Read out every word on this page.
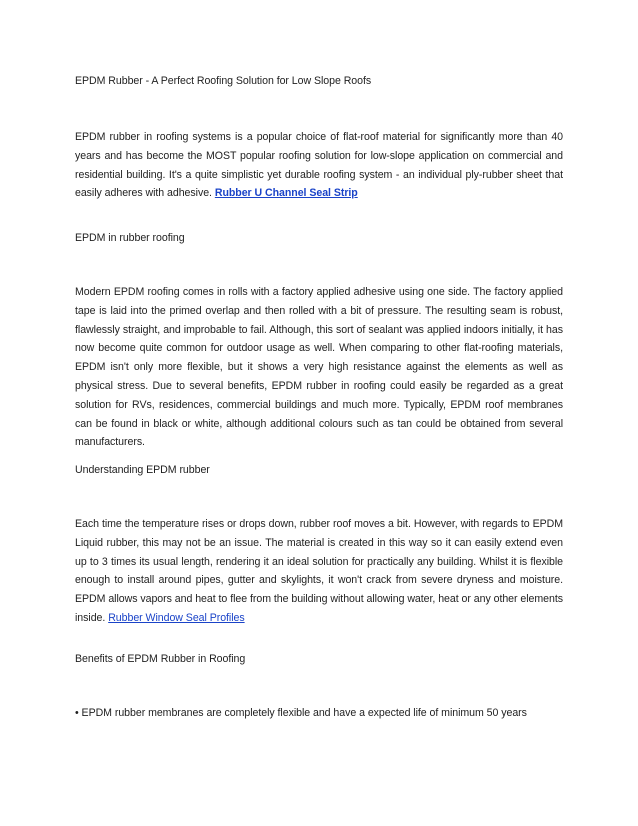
EPDM Rubber - A Perfect Roofing Solution for Low Slope Roofs

EPDM rubber in roofing systems is a popular choice of flat-roof material for significantly more than 40 years and has become the MOST popular roofing solution for low-slope application on commercial and residential building. It's a quite simplistic yet durable roofing system - an individual ply-rubber sheet that easily adheres with adhesive. Rubber U Channel Seal Strip

EPDM in rubber roofing

Modern EPDM roofing comes in rolls with a factory applied adhesive using one side. The factory applied tape is laid into the primed overlap and then rolled with a bit of pressure. The resulting seam is robust, flawlessly straight, and improbable to fail. Although, this sort of sealant was applied indoors initially, it has now become quite common for outdoor usage as well. When comparing to other flat-roofing materials, EPDM isn't only more flexible, but it shows a very high resistance against the elements as well as physical stress. Due to several benefits, EPDM rubber in roofing could easily be regarded as a great solution for RVs, residences, commercial buildings and much more. Typically, EPDM roof membranes can be found in black or white, although additional colours such as tan could be obtained from several manufacturers.

Understanding EPDM rubber

Each time the temperature rises or drops down, rubber roof moves a bit. However, with regards to EPDM Liquid rubber, this may not be an issue. The material is created in this way so it can easily extend even up to 3 times its usual length, rendering it an ideal solution for practically any building. Whilst it is flexible enough to install around pipes, gutter and skylights, it won't crack from severe dryness and moisture. EPDM allows vapors and heat to flee from the building without allowing water, heat or any other elements inside. Rubber Window Seal Profiles

Benefits of EPDM Rubber in Roofing

• EPDM rubber membranes are completely flexible and have a expected life of minimum 50 years
